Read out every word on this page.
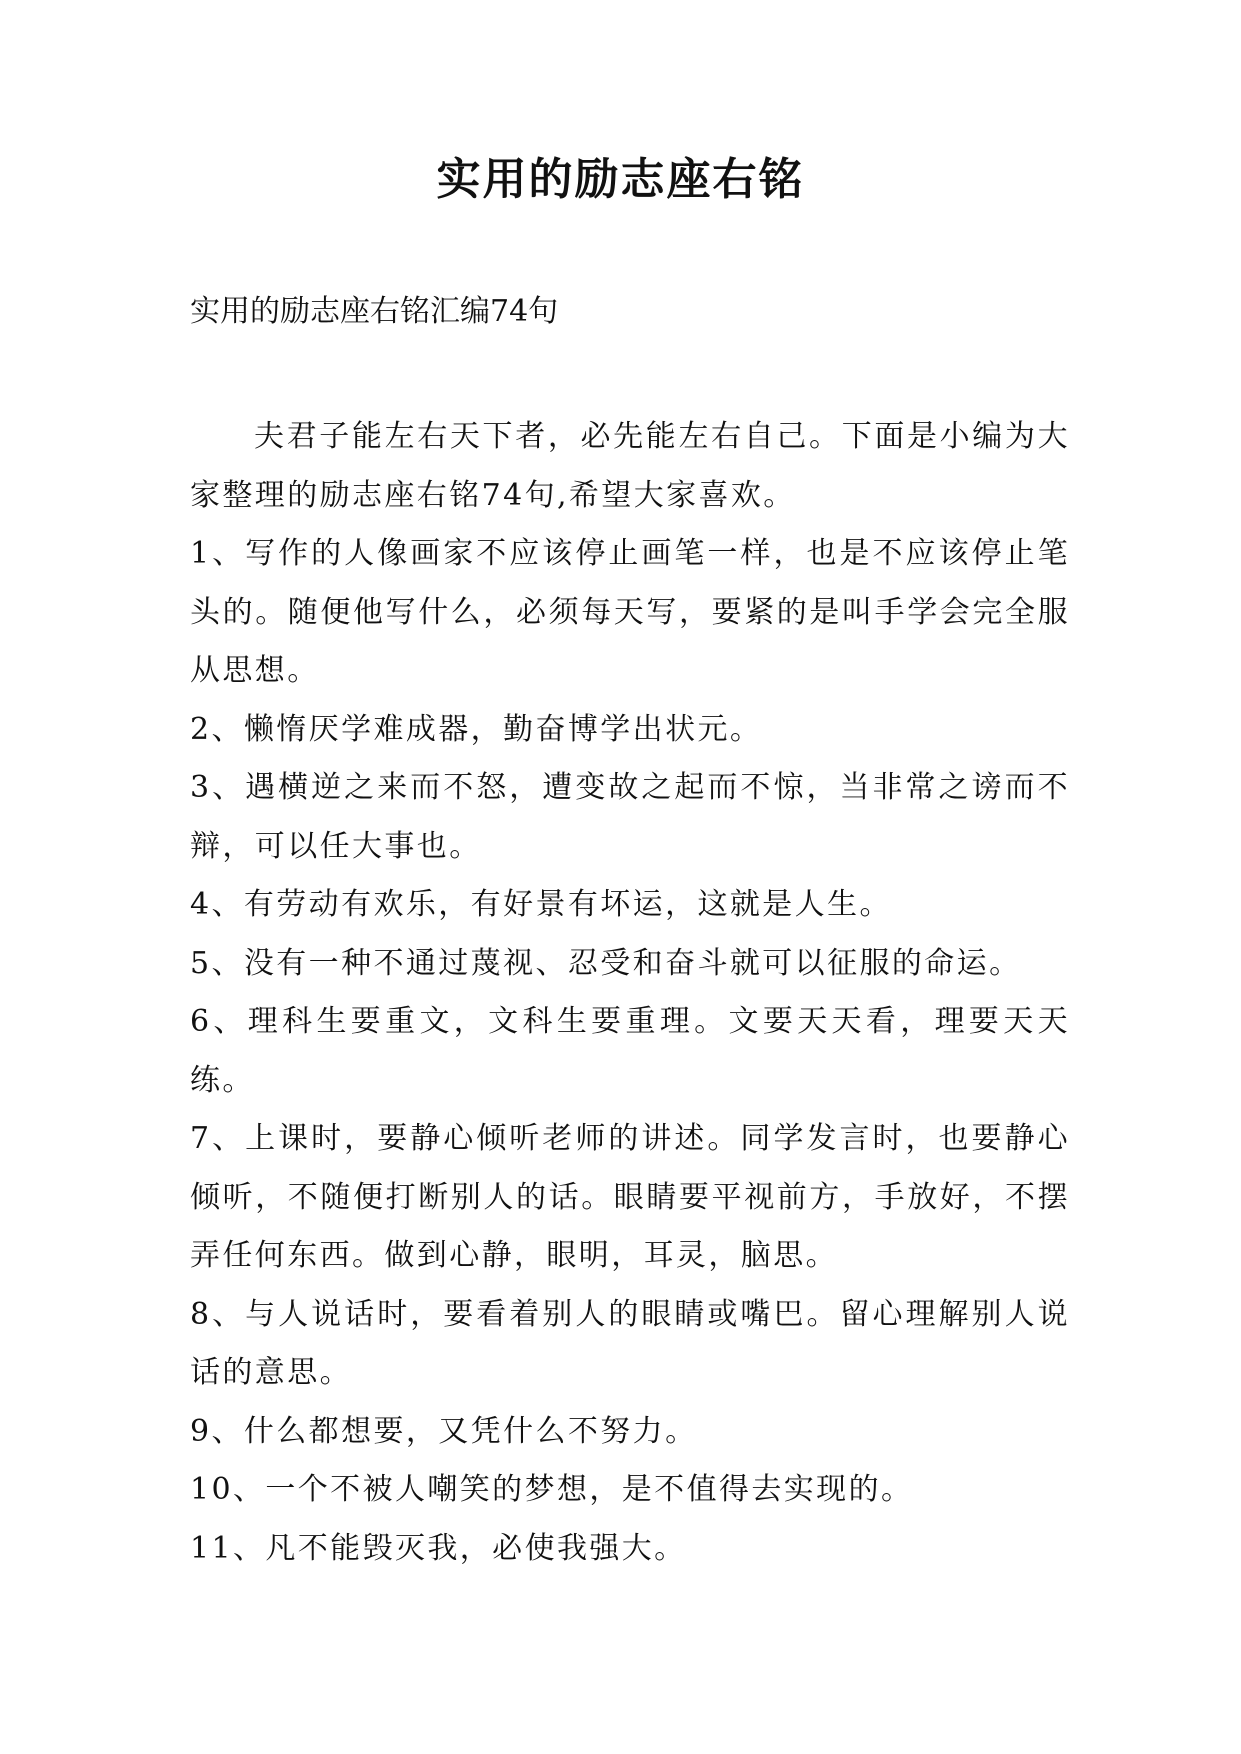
实用的励志座右铭
实用的励志座右铭汇编74句

夫君子能左右天下者，必先能左右自己。下面是小编为大家整理的励志座右铭74句,希望大家喜欢。

1、写作的人像画家不应该停止画笔一样，也是不应该停止笔头的。随便他写什么，必须每天写，要紧的是叫手学会完全服从思想。

2、懒惰厌学难成器，勤奋博学出状元。

3、遇横逆之来而不怒，遭变故之起而不惊，当非常之谤而不辩，可以任大事也。

4、有劳动有欢乐，有好景有坏运，这就是人生。

5、没有一种不通过蔑视、忍受和奋斗就可以征服的命运。

6、理科生要重文，文科生要重理。文要天天看，理要天天练。

7、上课时，要静心倾听老师的讲述。同学发言时，也要静心倾听，不随便打断别人的话。眼睛要平视前方，手放好，不摆弄任何东西。做到心静，眼明，耳灵，脑思。

8、与人说话时，要看着别人的眼睛或嘴巴。留心理解别人说话的意思。

9、什么都想要，又凭什么不努力。

10、一个不被人嘲笑的梦想，是不值得去实现的。

11、凡不能毁灭我，必使我强大。
